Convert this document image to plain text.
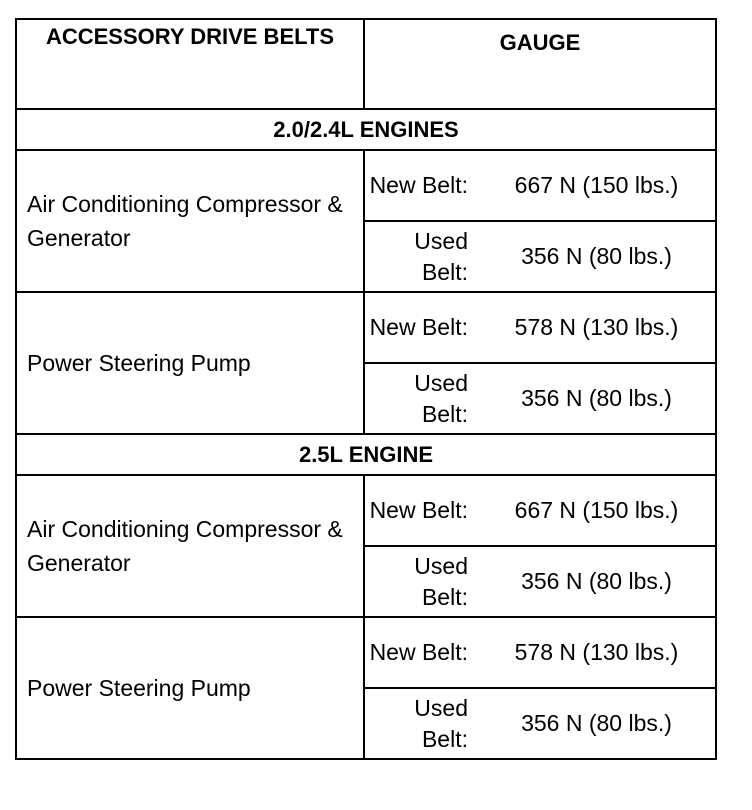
ACCESSORY DRIVE BELTS	GAUGE	
2.0/2.4L ENGINES		
Air Conditioning Compressor & Generator	New Belt:	667 N (150 lbs.)
	Used Belt:	356 N (80 lbs.)
Power Steering Pump	New Belt:	578 N (130 lbs.)
	Used Belt:	356 N (80 lbs.)
2.5L ENGINE		
Air Conditioning Compressor & Generator	New Belt:	667 N (150 lbs.)
	Used Belt:	356 N (80 lbs.)
Power Steering Pump	New Belt:	578 N (130 lbs.)
	Used Belt:	356 N (80 lbs.)
